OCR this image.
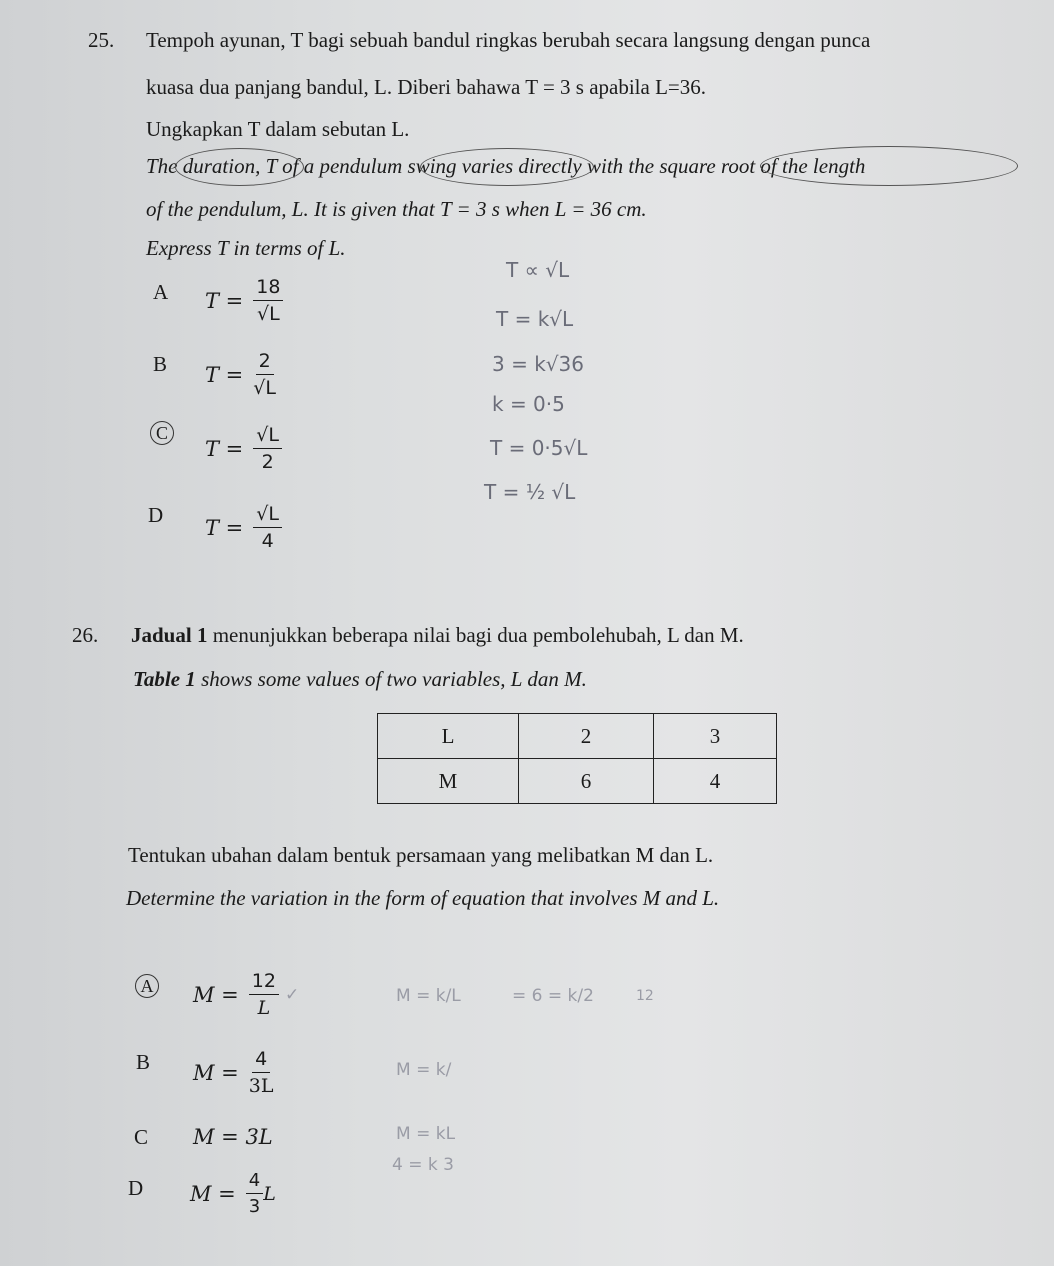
25. Tempoh ayunan, T bagi sebuah bandul ringkas berubah secara langsung dengan punca
kuasa dua panjang bandul, L. Diberi bahawa T = 3 s apabila L=36.
Ungkapkan T dalam sebutan L.
The duration, T of a pendulum swing varies directly with the square root of the length
of the pendulum, L. It is given that T = 3 s when L = 36 cm.
Express T in terms of L.
A $T = \frac{18}{√L}$
B $T = \frac{2}{√L}$
C
$T = \frac{√L}{2}$
D
$T = \frac{√L}{4}$
T ∝ √L
T = k√L
3 = k√36
k = 0·5
T = 0·5√L
T = ½ √L
26. Jadual 1 menunjukkan beberapa nilai bagi dua pembolehubah, L dan M.
Table 1 shows some values of two variables, L dan M.
L	2	3
M	6	4
Tentukan ubahan dalam bentuk persamaan yang melibatkan M dan L.
Determine the variation in the form of equation that involves M and L.
A $M = \frac{12}{L}$ ✓
B $M = \frac{4}{3L}$
C M = 3L
D $M = \frac{4}{3}$ L
M = k/L	= 6 = k/2	12
M = k/
M = kL
4 = k 3
